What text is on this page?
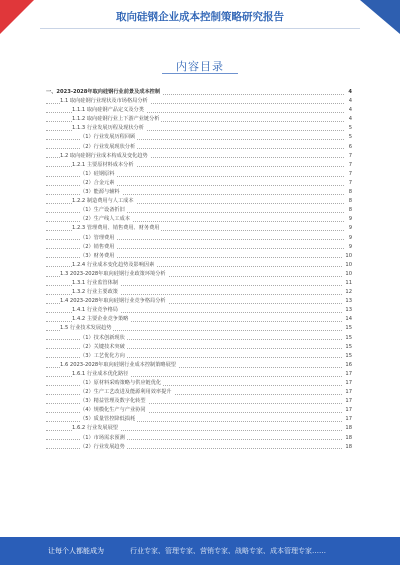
取向硅钢企业成本控制策略研究报告
内容目录
一、2023-2028年取向硅钢行业前景及成本控制	4
1.1 取向硅钢行业现状及市场格局分析	4
1.1.1 取向硅钢产品定义及分类	4
1.1.2 取向硅钢行业上下游产业链分析	4
1.1.3 行业发展历程及现状分析	5
（1）行业发展历程回顾	5
（2）行业发展现状分析	6
1.2 取向硅钢行业成本构成及变化趋势	7
1.2.1 主要原材料成本分析	7
（1）硅钢原料	7
（2）合金元素	7
（3）能源与辅料	8
1.2.2 制造费用与人工成本	8
（1）生产设备折旧	8
（2）生产线人工成本	9
1.2.3 管理费用、销售费用、财务费用	9
（1）管理费用	9
（2）销售费用	9
（3）财务费用	10
1.2.4 行业成本变化趋势及影响因素	10
1.3 2023-2028年取向硅钢行业政策环境分析	10
1.3.1 行业监管体制	11
1.3.2 行业主要政策	12
1.4 2023-2028年取向硅钢行业竞争格局分析	13
1.4.1 行业竞争格局	13
1.4.2 主要企业竞争策略	14
1.5 行业技术发展趋势	15
（1）技术创新现状	15
（2）关键技术突破	15
（3）工艺优化方向	15
1.6 2023-2028年取向硅钢行业成本控制策略展望	16
1.6.1 行业成本优化路径	17
（1）原材料采购策略与供应链优化	17
（2）生产工艺改进及能源利用效率提升	17
（3）精益管理及数字化转型	17
（4）规模化生产与产业协同	17
（5）质量管控降低损耗	17
1.6.2 行业发展展望	18
（1）市场需求预测	18
（2）行业发展趋势	18
让每个人都能成为	行业专家、管理专家、营销专家、战略专家、成本管理专家……
